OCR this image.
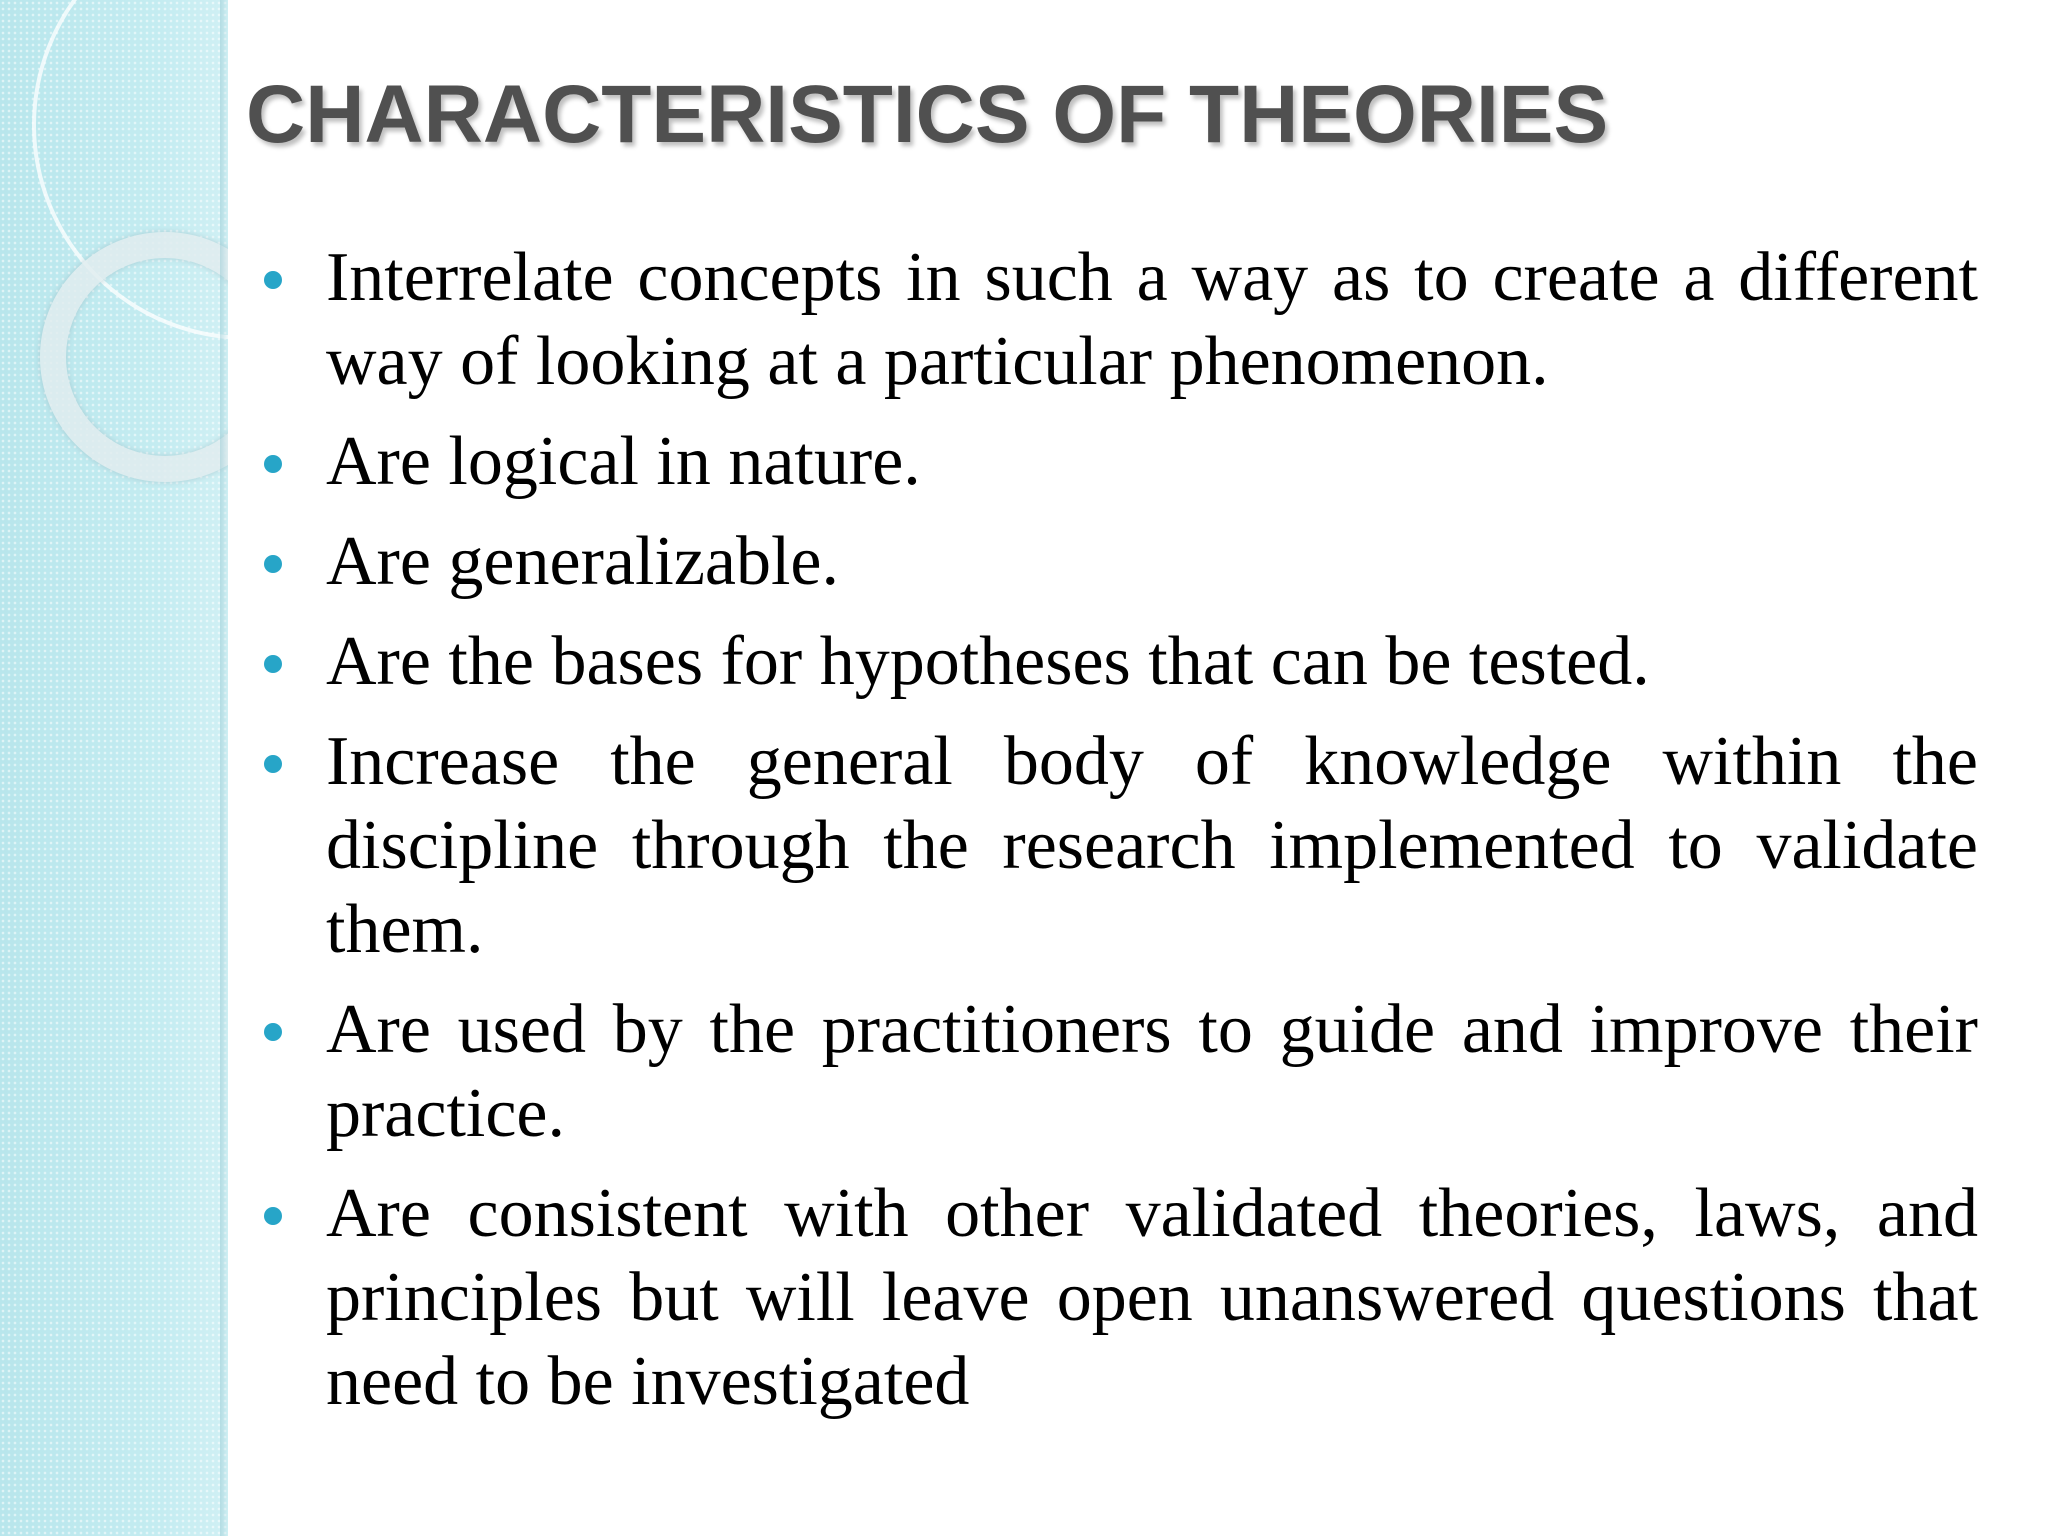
CHARACTERISTICS OF THEORIES
Interrelate concepts in such a way as to create a different way of looking at a particular phenomenon.
Are logical in nature.
Are generalizable.
Are the bases for hypotheses that can be tested.
Increase the general body of knowledge within the discipline through the research implemented to validate them.
Are used by the practitioners to guide and improve their practice.
Are consistent with other validated theories, laws, and principles but will leave open unanswered questions that need to be investigated
